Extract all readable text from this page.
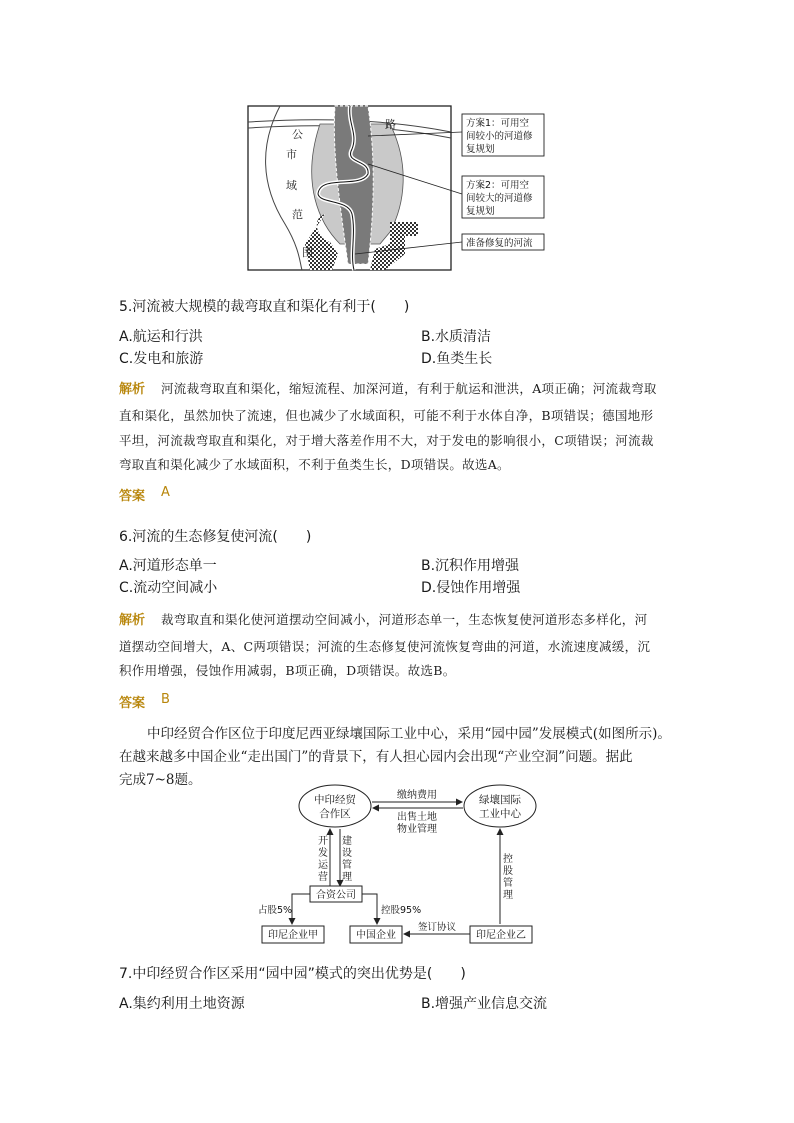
公
市
域
范
围
路	方案1：可用空
间较小的河道修
复规划
方案2：可用空
间较大的河道修
复规划
准备修复的河流
5.河流被大规模的裁弯取直和渠化有利于(　　)
A.航运和行洪	B.水质清洁
C.发电和旅游	D.鱼类生长
解析 河流裁弯取直和渠化，缩短流程、加深河道，有利于航运和泄洪，A项正确；河流裁弯取
直和渠化，虽然加快了流速，但也减少了水域面积，可能不利于水体自净，B项错误；德国地形
平坦，河流裁弯取直和渠化，对于增大落差作用不大，对于发电的影响很小，C项错误；河流裁
弯取直和渠化减少了水域面积，不利于鱼类生长，D项错误。故选A。
答案 A
6.河流的生态修复使河流(　　)
A.河道形态单一	B.沉积作用增强
C.流动空间减小	D.侵蚀作用增强
解析 裁弯取直和渠化使河道摆动空间减小，河道形态单一，生态恢复使河道形态多样化，河
道摆动空间增大，A、C两项错误；河流的生态修复使河流恢复弯曲的河道，水流速度减缓，沉
积作用增强，侵蚀作用减弱，B项正确，D项错误。故选B。
答案 B
中印经贸合作区位于印度尼西亚绿壤国际工业中心，采用“园中园”发展模式(如图所示)。
在越来越多中国企业“走出国门”的背景下，有人担心园内会出现“产业空洞”问题。据此
完成7~8题。
中印经贸
合作区
绿壤国际
工业中心
缴纳费用
出售土地
物业管理
开
发
运
营
建
设
管
理
控
股
管
理
合资公司
占股5%	控股95%
印尼企业甲	中国企业	印尼企业乙
签订协议
7.中印经贸合作区采用“园中园”模式的突出优势是(　　)
A.集约利用土地资源	B.增强产业信息交流
